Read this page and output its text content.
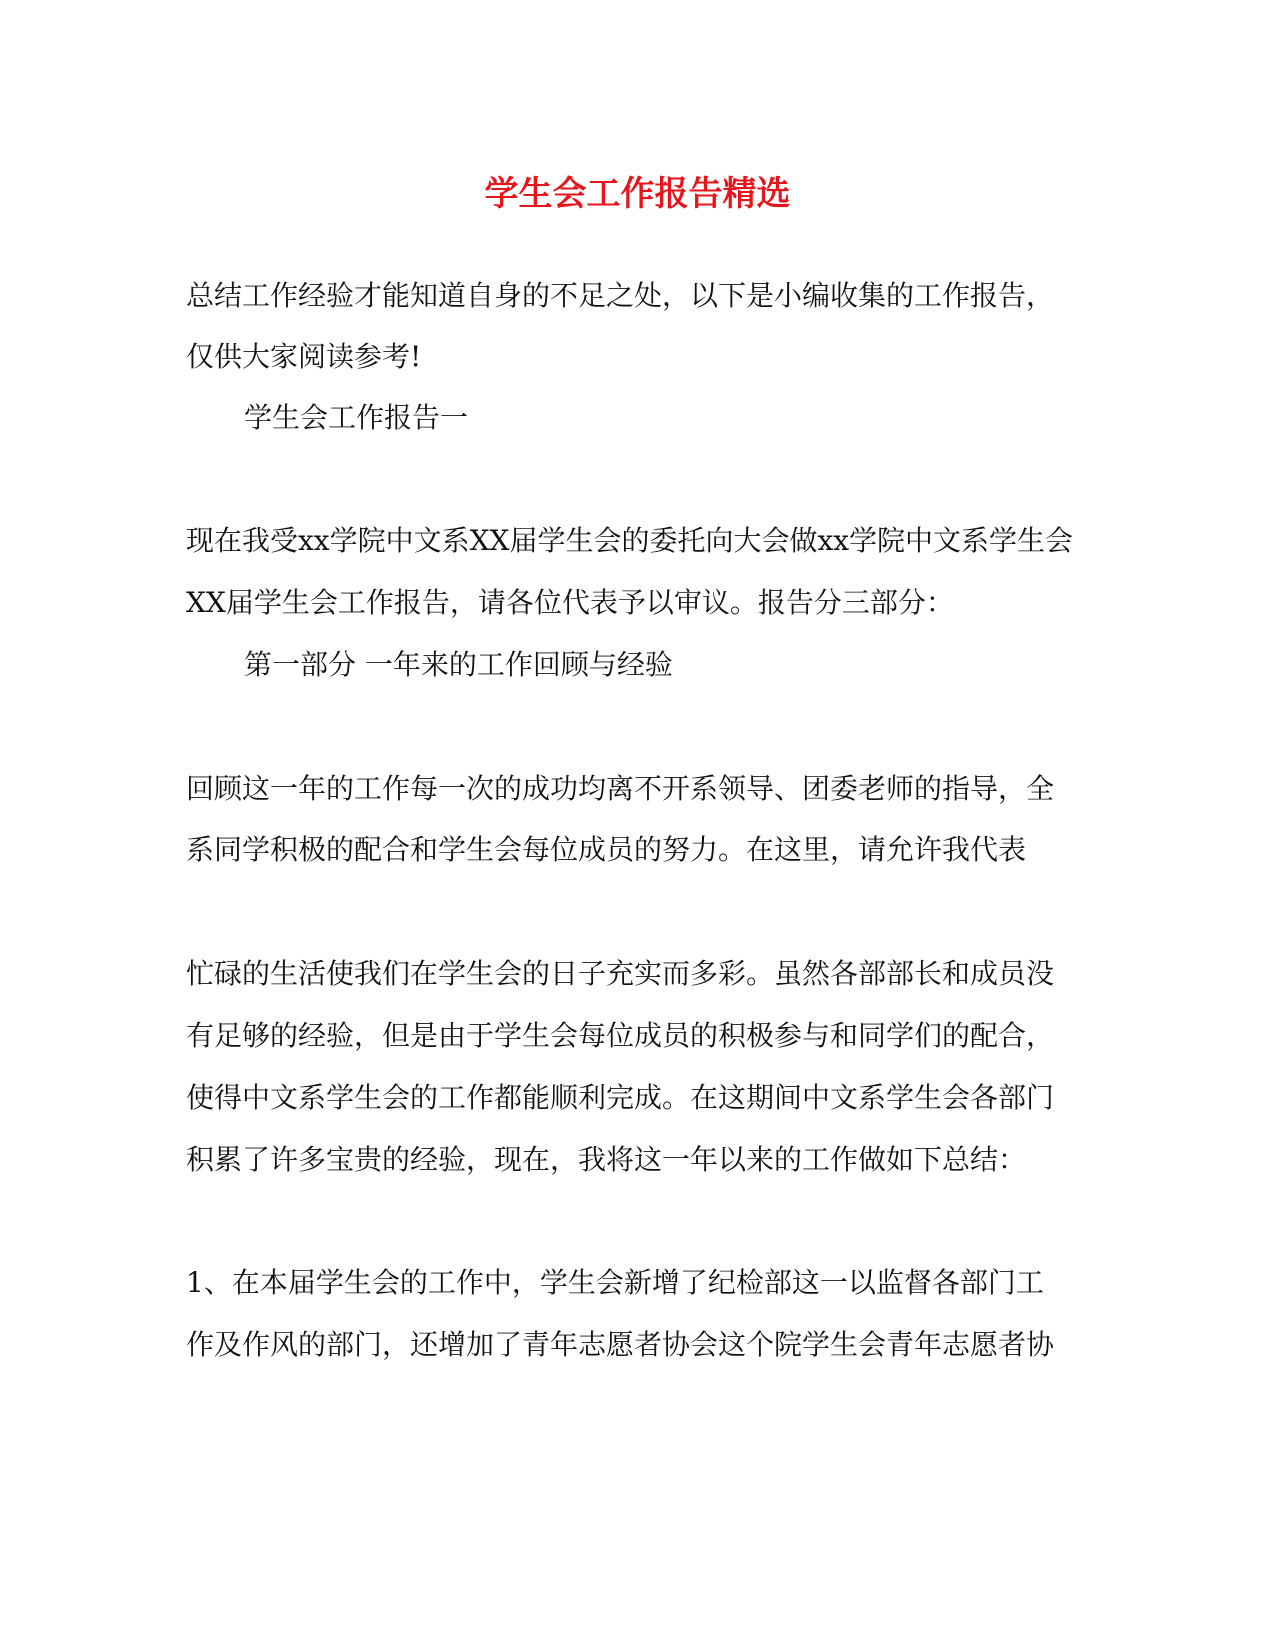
学生会工作报告精选
总结工作经验才能知道自身的不足之处，以下是小编收集的工作报告，
仅供大家阅读参考!
学生会工作报告一
现在我受xx学院中文系XX届学生会的委托向大会做xx学院中文系学生会
XX届学生会工作报告，请各位代表予以审议。报告分三部分：
第一部分 一年来的工作回顾与经验
回顾这一年的工作每一次的成功均离不开系领导、团委老师的指导，全
系同学积极的配合和学生会每位成员的努力。在这里，请允许我代表
忙碌的生活使我们在学生会的日子充实而多彩。虽然各部部长和成员没
有足够的经验，但是由于学生会每位成员的积极参与和同学们的配合，
使得中文系学生会的工作都能顺利完成。在这期间中文系学生会各部门
积累了许多宝贵的经验，现在，我将这一年以来的工作做如下总结：
1、在本届学生会的工作中，学生会新增了纪检部这一以监督各部门工
作及作风的部门，还增加了青年志愿者协会这个院学生会青年志愿者协
